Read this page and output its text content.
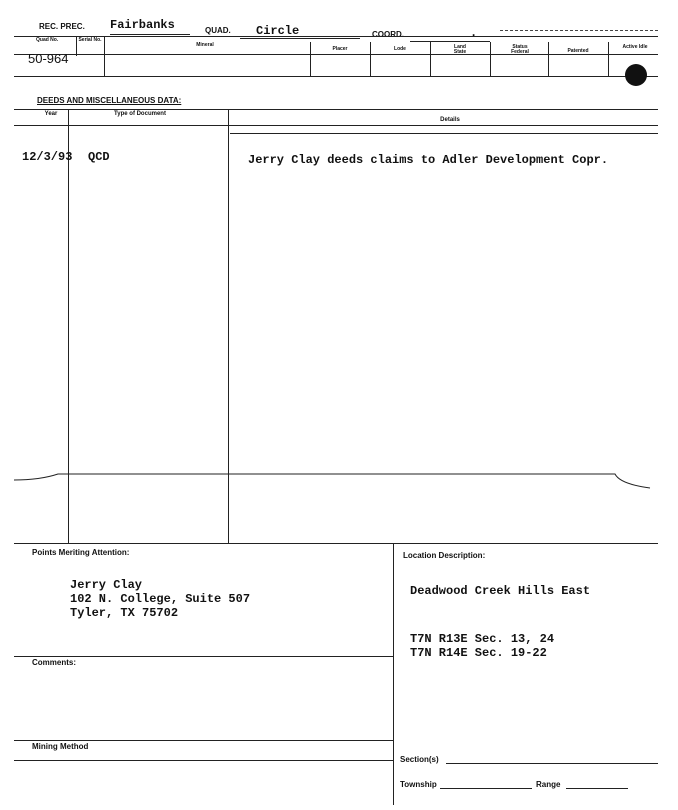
REC. PREC. Fairbanks	QUAD. Circle	COORD.	.
Quad No.	Serial No.
Mineral
Placer	Lode	Land State
Status Federal	Patented
Active Idle
50-964
DEEDS AND MISCELLANEOUS DATA:
Year	Type of Document
Details
12/3/93 QCD	Jerry Clay deeds claims to Adler Development Copr.
Points Meriting Attention:
Jerry Clay
102 N. College, Suite 507
Tyler, TX 75702
Location Description:
Deadwood Creek Hills East
T7N R13E Sec. 13, 24
T7N R14E Sec. 19-22
Comments:
Mining Method
Section(s)
Township	Range
